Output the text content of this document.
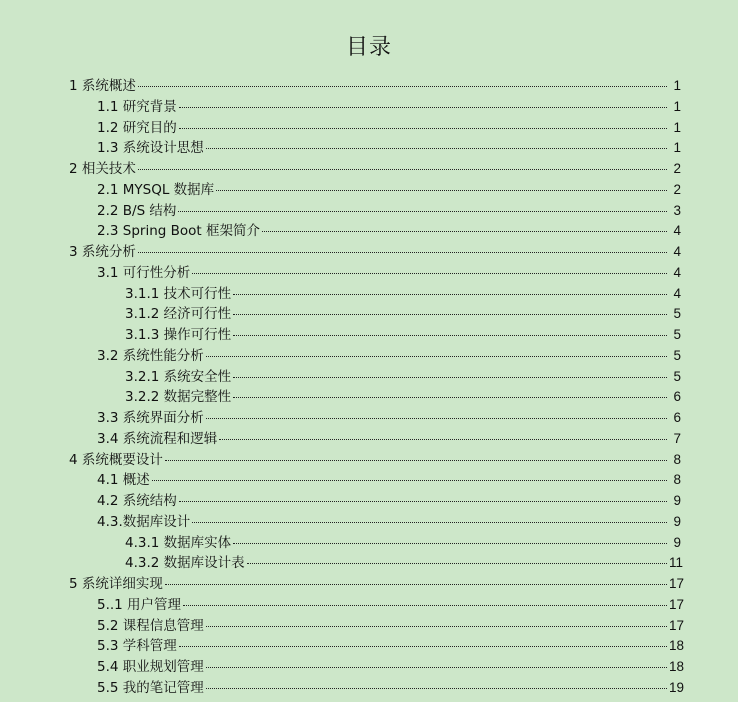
目录
1 系统概述	1
1.1 研究背景	1
1.2 研究目的	1
1.3 系统设计思想	1
2 相关技术	2
2.1 MYSQL 数据库	2
2.2 B/S 结构	3
2.3 Spring Boot 框架简介	4
3 系统分析	4
3.1 可行性分析	4
3.1.1 技术可行性	4
3.1.2 经济可行性	5
3.1.3 操作可行性	5
3.2 系统性能分析	5
3.2.1 系统安全性	5
3.2.2 数据完整性	6
3.3 系统界面分析	6
3.4 系统流程和逻辑	7
4 系统概要设计	8
4.1 概述	8
4.2 系统结构	9
4.3.数据库设计	9
4.3.1 数据库实体	9
4.3.2 数据库设计表	11
5 系统详细实现	17
5..1 用户管理	17
5.2 课程信息管理	17
5.3 学科管理	18
5.4 职业规划管理	18
5.5 我的笔记管理	19
